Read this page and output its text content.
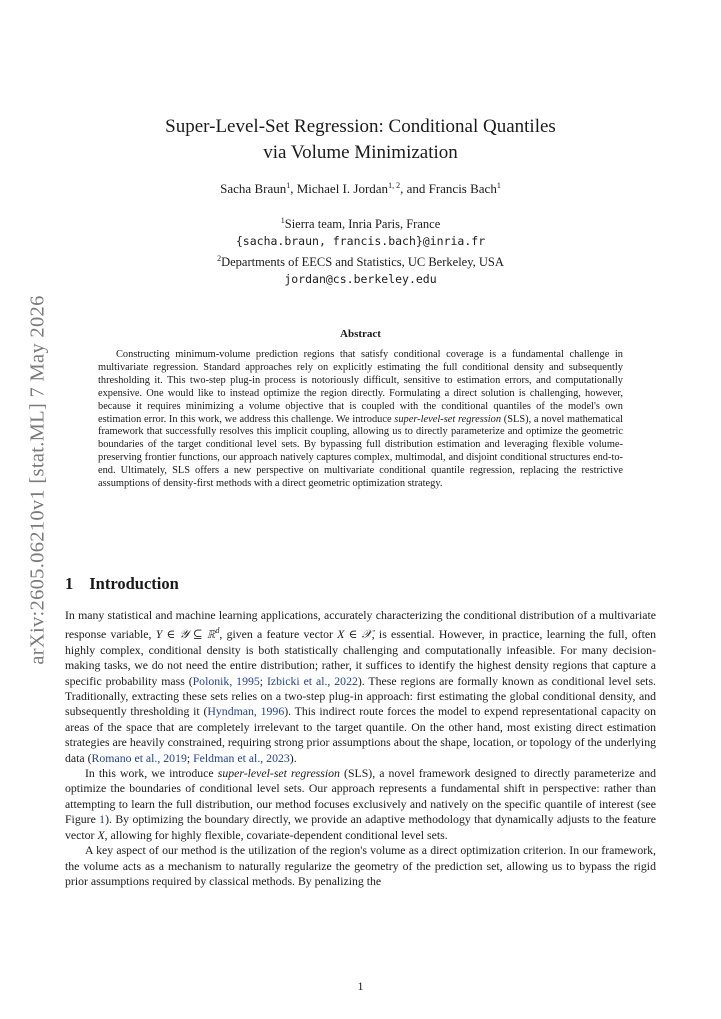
arXiv:2605.06210v1 [stat.ML] 7 May 2026
Super-Level-Set Regression: Conditional Quantiles
via Volume Minimization
Sacha Braun$^1$, Michael I. Jordan$^{1, 2}$, and Francis Bach$^1$
$^1$Sierra team, Inria Paris, France
{sacha.braun, francis.bach}@inria.fr
$^2$Departments of EECS and Statistics, UC Berkeley, USA
jordan@cs.berkeley.edu
Abstract
Constructing minimum-volume prediction regions that satisfy conditional coverage is a fundamental challenge in multivariate regression. Standard approaches rely on explicitly estimating the full conditional density and subsequently thresholding it. This two-step plug-in process is notoriously difficult, sensitive to estimation errors, and computationally expensive. One would like to instead optimize the region directly. Formulating a direct solution is challenging, however, because it requires minimizing a volume objective that is coupled with the conditional quantiles of the model's own estimation error. In this work, we address this challenge. We introduce super-level-set regression (SLS), a novel mathematical framework that successfully resolves this implicit coupling, allowing us to directly parameterize and optimize the geometric boundaries of the target conditional level sets. By bypassing full distribution estimation and leveraging flexible volume-preserving frontier functions, our approach natively captures complex, multimodal, and disjoint conditional structures end-to-end. Ultimately, SLS offers a new perspective on multivariate conditional quantile regression, replacing the restrictive assumptions of density-first methods with a direct geometric optimization strategy.
1 Introduction

In many statistical and machine learning applications, accurately characterizing the conditional distribution of a multivariate response variable, Y ∈ 𝒴 ⊆ ℝ$^d$, given a feature vector X ∈ 𝒳, is essential. However, in practice, learning the full, often highly complex, conditional density is both statistically challenging and computationally infeasible. For many decision-making tasks, we do not need the entire distribution; rather, it suffices to identify the highest density regions that capture a specific probability mass (Polonik, 1995; Izbicki et al., 2022). These regions are formally known as conditional level sets. Traditionally, extracting these sets relies on a two-step plug-in approach: first estimating the global conditional density, and subsequently thresholding it (Hyndman, 1996). This indirect route forces the model to expend representational capacity on areas of the space that are completely irrelevant to the target quantile. On the other hand, most existing direct estimation strategies are heavily constrained, requiring strong prior assumptions about the shape, location, or topology of the underlying data (Romano et al., 2019; Feldman et al., 2023).

In this work, we introduce super-level-set regression (SLS), a novel framework designed to directly parameterize and optimize the boundaries of conditional level sets. Our approach represents a fundamental shift in perspective: rather than attempting to learn the full distribution, our method focuses exclusively and natively on the specific quantile of interest (see Figure 1). By optimizing the boundary directly, we provide an adaptive methodology that dynamically adjusts to the feature vector X, allowing for highly flexible, covariate-dependent conditional level sets.

A key aspect of our method is the utilization of the region's volume as a direct optimization criterion. In our framework, the volume acts as a mechanism to naturally regularize the geometry of the prediction set, allowing us to bypass the rigid prior assumptions required by classical methods. By penalizing the

1
